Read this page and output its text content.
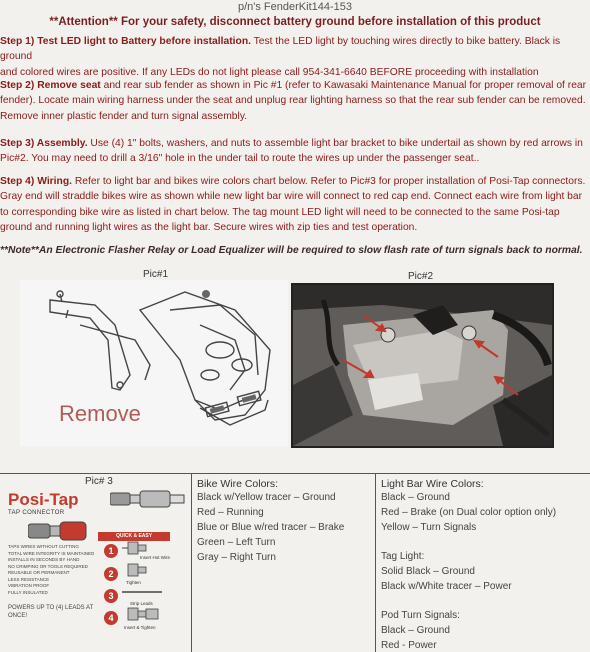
p/n's FenderKit144-153
**Attention** For your safety, disconnect battery ground before installation of this product
Step 1) Test LED light to Battery before installation. Test the LED light by touching wires directly to bike battery. Black is ground
and colored wires are positive. If any LEDs do not light please call 954-341-6640 BEFORE proceeding with installation
Step 2) Remove seat and rear sub fender as shown in Pic #1 (refer to Kawasaki Maintenance Manual for proper removal of rear
fender). Locate main wiring harness under the seat and unplug rear lighting harness so that the rear sub fender can be removed.
Remove inner plastic fender and turn signal assembly.
Step 3) Assembly. Use (4) 1" bolts, washers, and nuts to assemble light bar bracket to bike undertail as shown by red arrows in
Pic#2. You may need to drill a 3/16" hole in the under tail to route the wires up under the passenger seat..
Step 4) Wiring. Refer to light bar and bikes wire colors chart below. Refer to Pic#3 for proper installation of Posi-Tap connectors.
Gray end will straddle bikes wire as shown while new light bar wire will connect to red cap end. Connect each wire from light bar
to corresponding bike wire as listed in chart below. The tag mount LED light will need to be connected to the same Posi-tap
ground and running light wires as the light bar. Secure wires with zip ties and test operation.
**Note**An Electronic Flasher Relay or Load Equalizer will be required to slow flash rate of turn signals back to normal.
Pic#1
Remove
Pic#2
Pic# 3
Posi-Tap
TAP CONNECTOR
TAPS WIRES WITHOUT CUTTING
TOTAL WIRE INTEGRITY IS MAINTAINED
INSTALLS IN SECONDS BY HAND
NO CRIMPING OR TOOLS REQUIRED
REUSABLE OR PERMANENT
LESS RESISTANCE
VIBRATION PROOF
FULLY INSULATED
POWERS UP TO (4) LEADS AT ONCE!
QUICK & EASY
1
Insert Hot Wire
2
Tighten
3
Strip Leads
4
Insert & Tighten
Bike Wire Colors:
Black w/Yellow tracer – Ground
Red – Running
Blue or Blue w/red tracer – Brake
Green – Left Turn
Gray – Right Turn
Light Bar Wire Colors:
Black – Ground
Red – Brake (on Dual color option only)
Yellow – Turn Signals
Tag Light:
Solid Black – Ground
Black w/White tracer – Power
Pod Turn Signals:
Black – Ground
Red - Power
